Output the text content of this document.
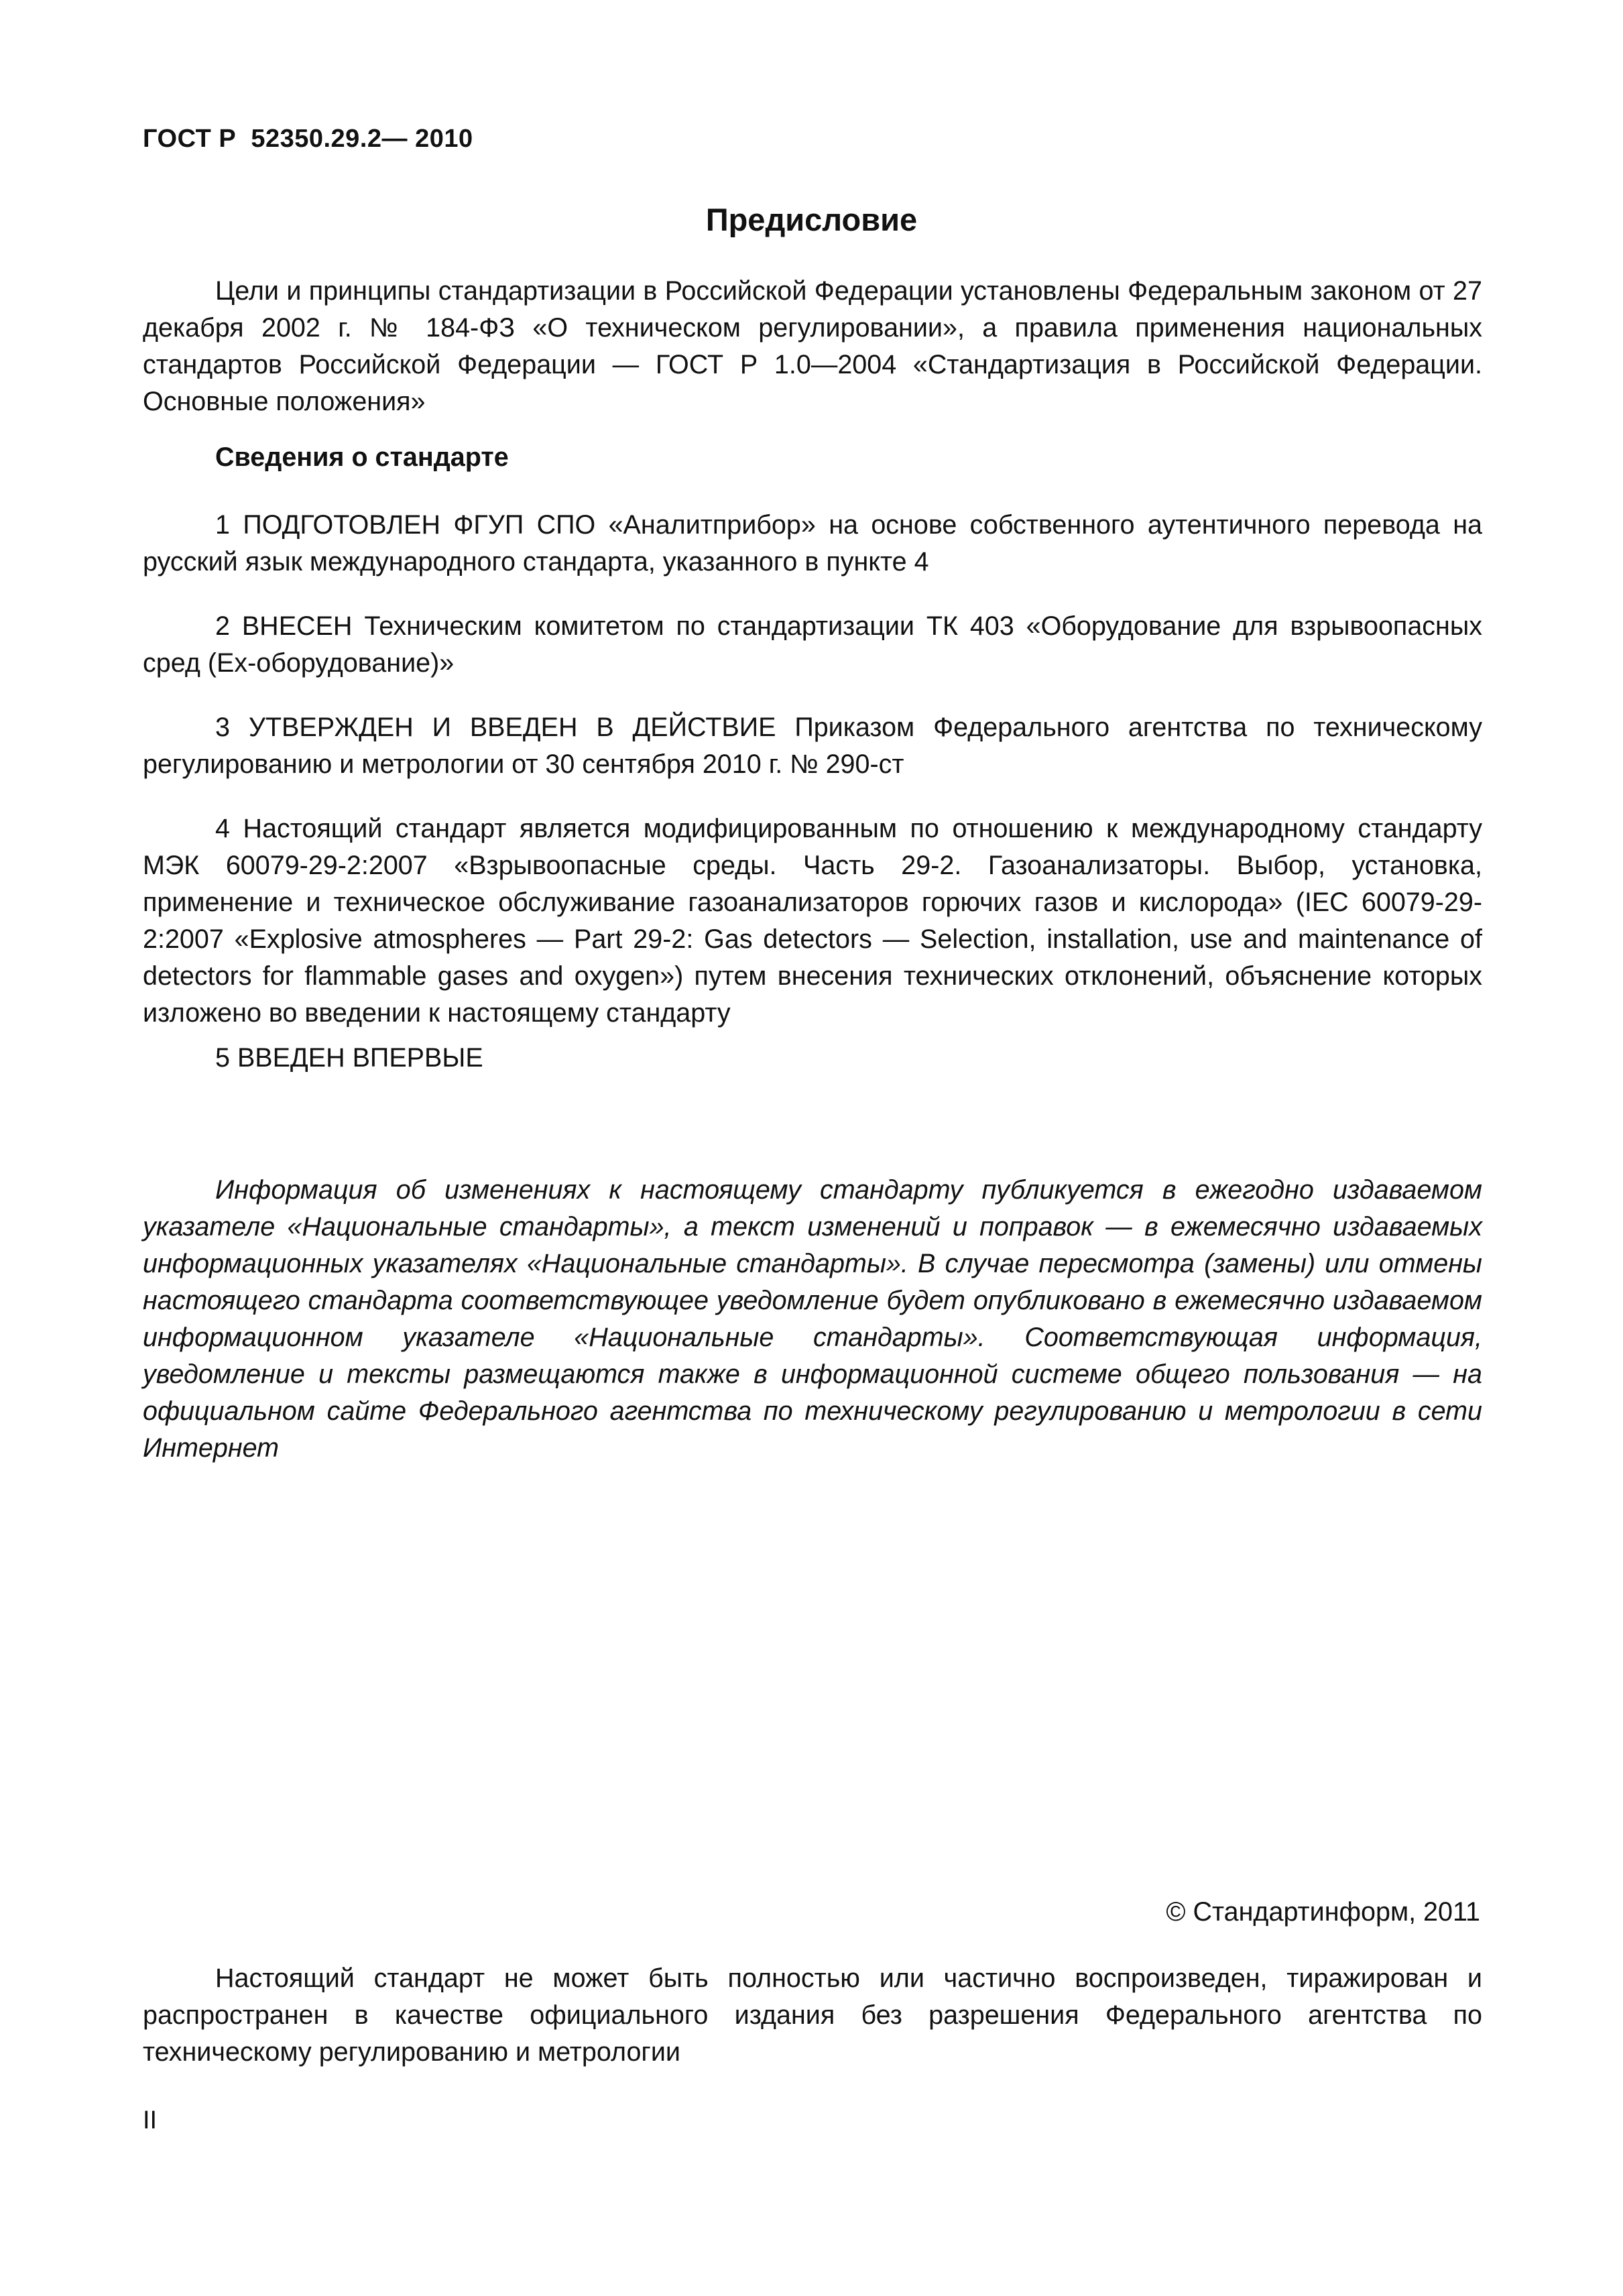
ГОСТ Р  52350.29.2— 2010
Предисловие
Цели и принципы стандартизации в Российской Федерации установлены Федеральным законом от 27 декабря 2002 г. № 184-ФЗ «О техническом регулировании», а правила применения национальных стандартов Российской Федерации — ГОСТ Р 1.0—2004 «Стандартизация в Российской Федерации. Основные положения»
Сведения о стандарте
1 ПОДГОТОВЛЕН ФГУП СПО «Аналитприбор» на основе собственного аутентичного перевода на русский язык международного стандарта, указанного в пункте 4
2 ВНЕСЕН Техническим комитетом по стандартизации ТК 403 «Оборудование для взрывоопасных сред (Ех-оборудование)»
3 УТВЕРЖДЕН И ВВЕДЕН В ДЕЙСТВИЕ Приказом Федерального агентства по техническому регулированию и метрологии от 30 сентября 2010 г. № 290-ст
4 Настоящий стандарт является модифицированным по отношению к международному стандарту МЭК 60079-29-2:2007 «Взрывоопасные среды. Часть 29-2. Газоанализаторы. Выбор, установка, применение и техническое обслуживание газоанализаторов горючих газов и кислорода» (IEC 60079-29-2:2007 «Explosive atmospheres — Part 29-2: Gas detectors — Selection, installation, use and maintenance of detectors for flammable gases and oxygen») путем внесения технических отклонений, объяснение которых изложено во введении к настоящему стандарту
5 ВВЕДЕН ВПЕРВЫЕ
Информация об изменениях к настоящему стандарту публикуется в ежегодно издаваемом указателе «Национальные стандарты», а текст изменений и поправок — в ежемесячно издаваемых информационных указателях «Национальные стандарты». В случае пересмотра (замены) или отмены настоящего стандарта соответствующее уведомление будет опубликовано в ежемесячно издаваемом информационном указателе «Национальные стандарты». Соответствующая информация, уведомление и тексты размещаются также в информационной системе общего пользования — на официальном сайте Федерального агентства по техническому регулированию и метрологии в сети Интернет
© Стандартинформ, 2011
Настоящий стандарт не может быть полностью или частично воспроизведен, тиражирован и распространен в качестве официального издания без разрешения Федерального агентства по техническому регулированию и метрологии
II
